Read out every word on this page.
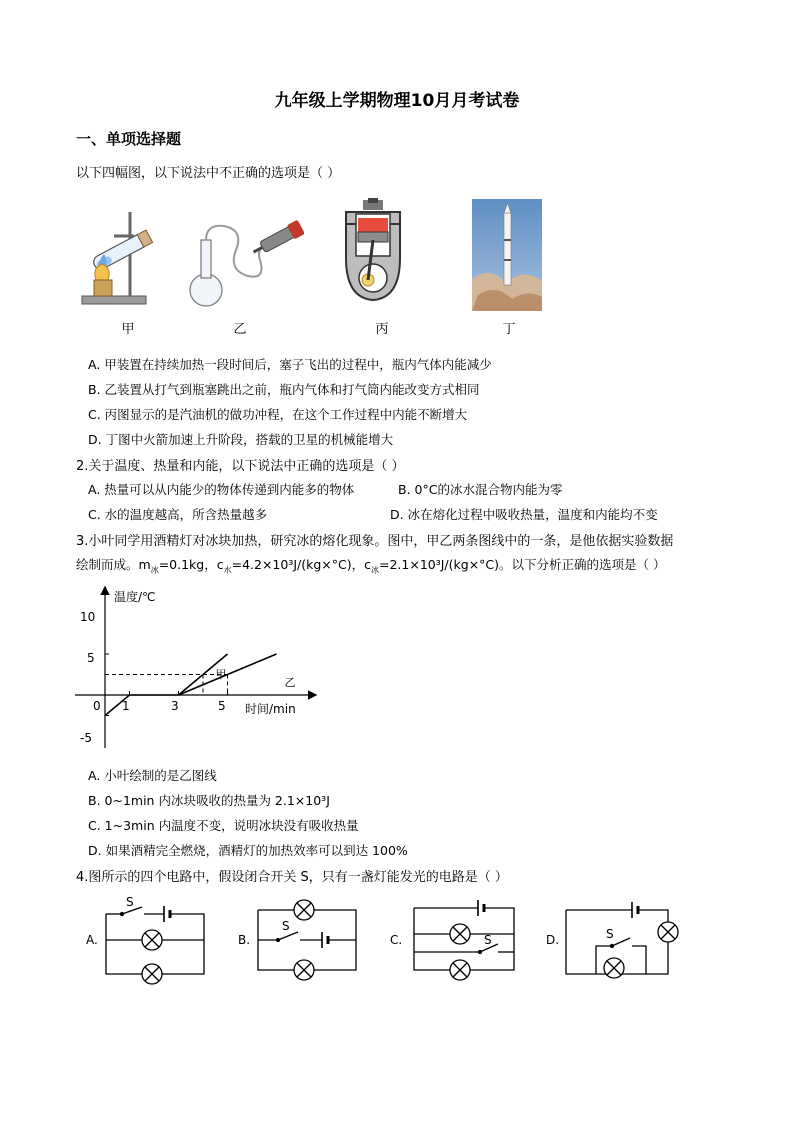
九年级上学期物理10月月考试卷
一、单项选择题
以下四幅图，以下说法中不正确的选项是（ ）
甲	乙	丙	丁
A. 甲装置在持续加热一段时间后，塞子飞出的过程中，瓶内气体内能减少
B. 乙装置从打气到瓶塞跳出之前，瓶内气体和打气筒内能改变方式相同
C. 丙图显示的是汽油机的做功冲程，在这个工作过程中内能不断增大
D. 丁图中火箭加速上升阶段，搭载的卫星的机械能增大
2.关于温度、热量和内能，以下说法中正确的选项是（ ）
A. 热量可以从内能少的物体传递到内能多的物体	B. 0°C的冰水混合物内能为零
C. 水的温度越高，所含热量越多	D. 冰在熔化过程中吸收热量，温度和内能均不变
3.小叶同学用酒精灯对冰块加热，研究冰的熔化现象。图中，甲乙两条图线中的一条，是他依据实验数据
绘制而成。$m_冰=0.1kg$，$c_水=4.2\times 10^3J/(kg\times^\circ C)$，$c_冰=2.1\times 10^3J/(kg\times^\circ C)$。以下分析正确的选项是（ ）
温度/℃
时间/min
10
5
-5
0 1	3	5
甲
乙
A. 小叶绘制的是乙图线
B. 0~1min 内冰块吸收的热量为 2.1×10³J
C. 1~3min 内温度不变，说明冰块没有吸收热量
D. 如果酒精完全燃烧，酒精灯的加热效率可以到达 100%
4.图所示的四个电路中，假设闭合开关 S，只有一盏灯能发光的电路是（ ）
A.
S
B.
S
C.	S	D.	S
